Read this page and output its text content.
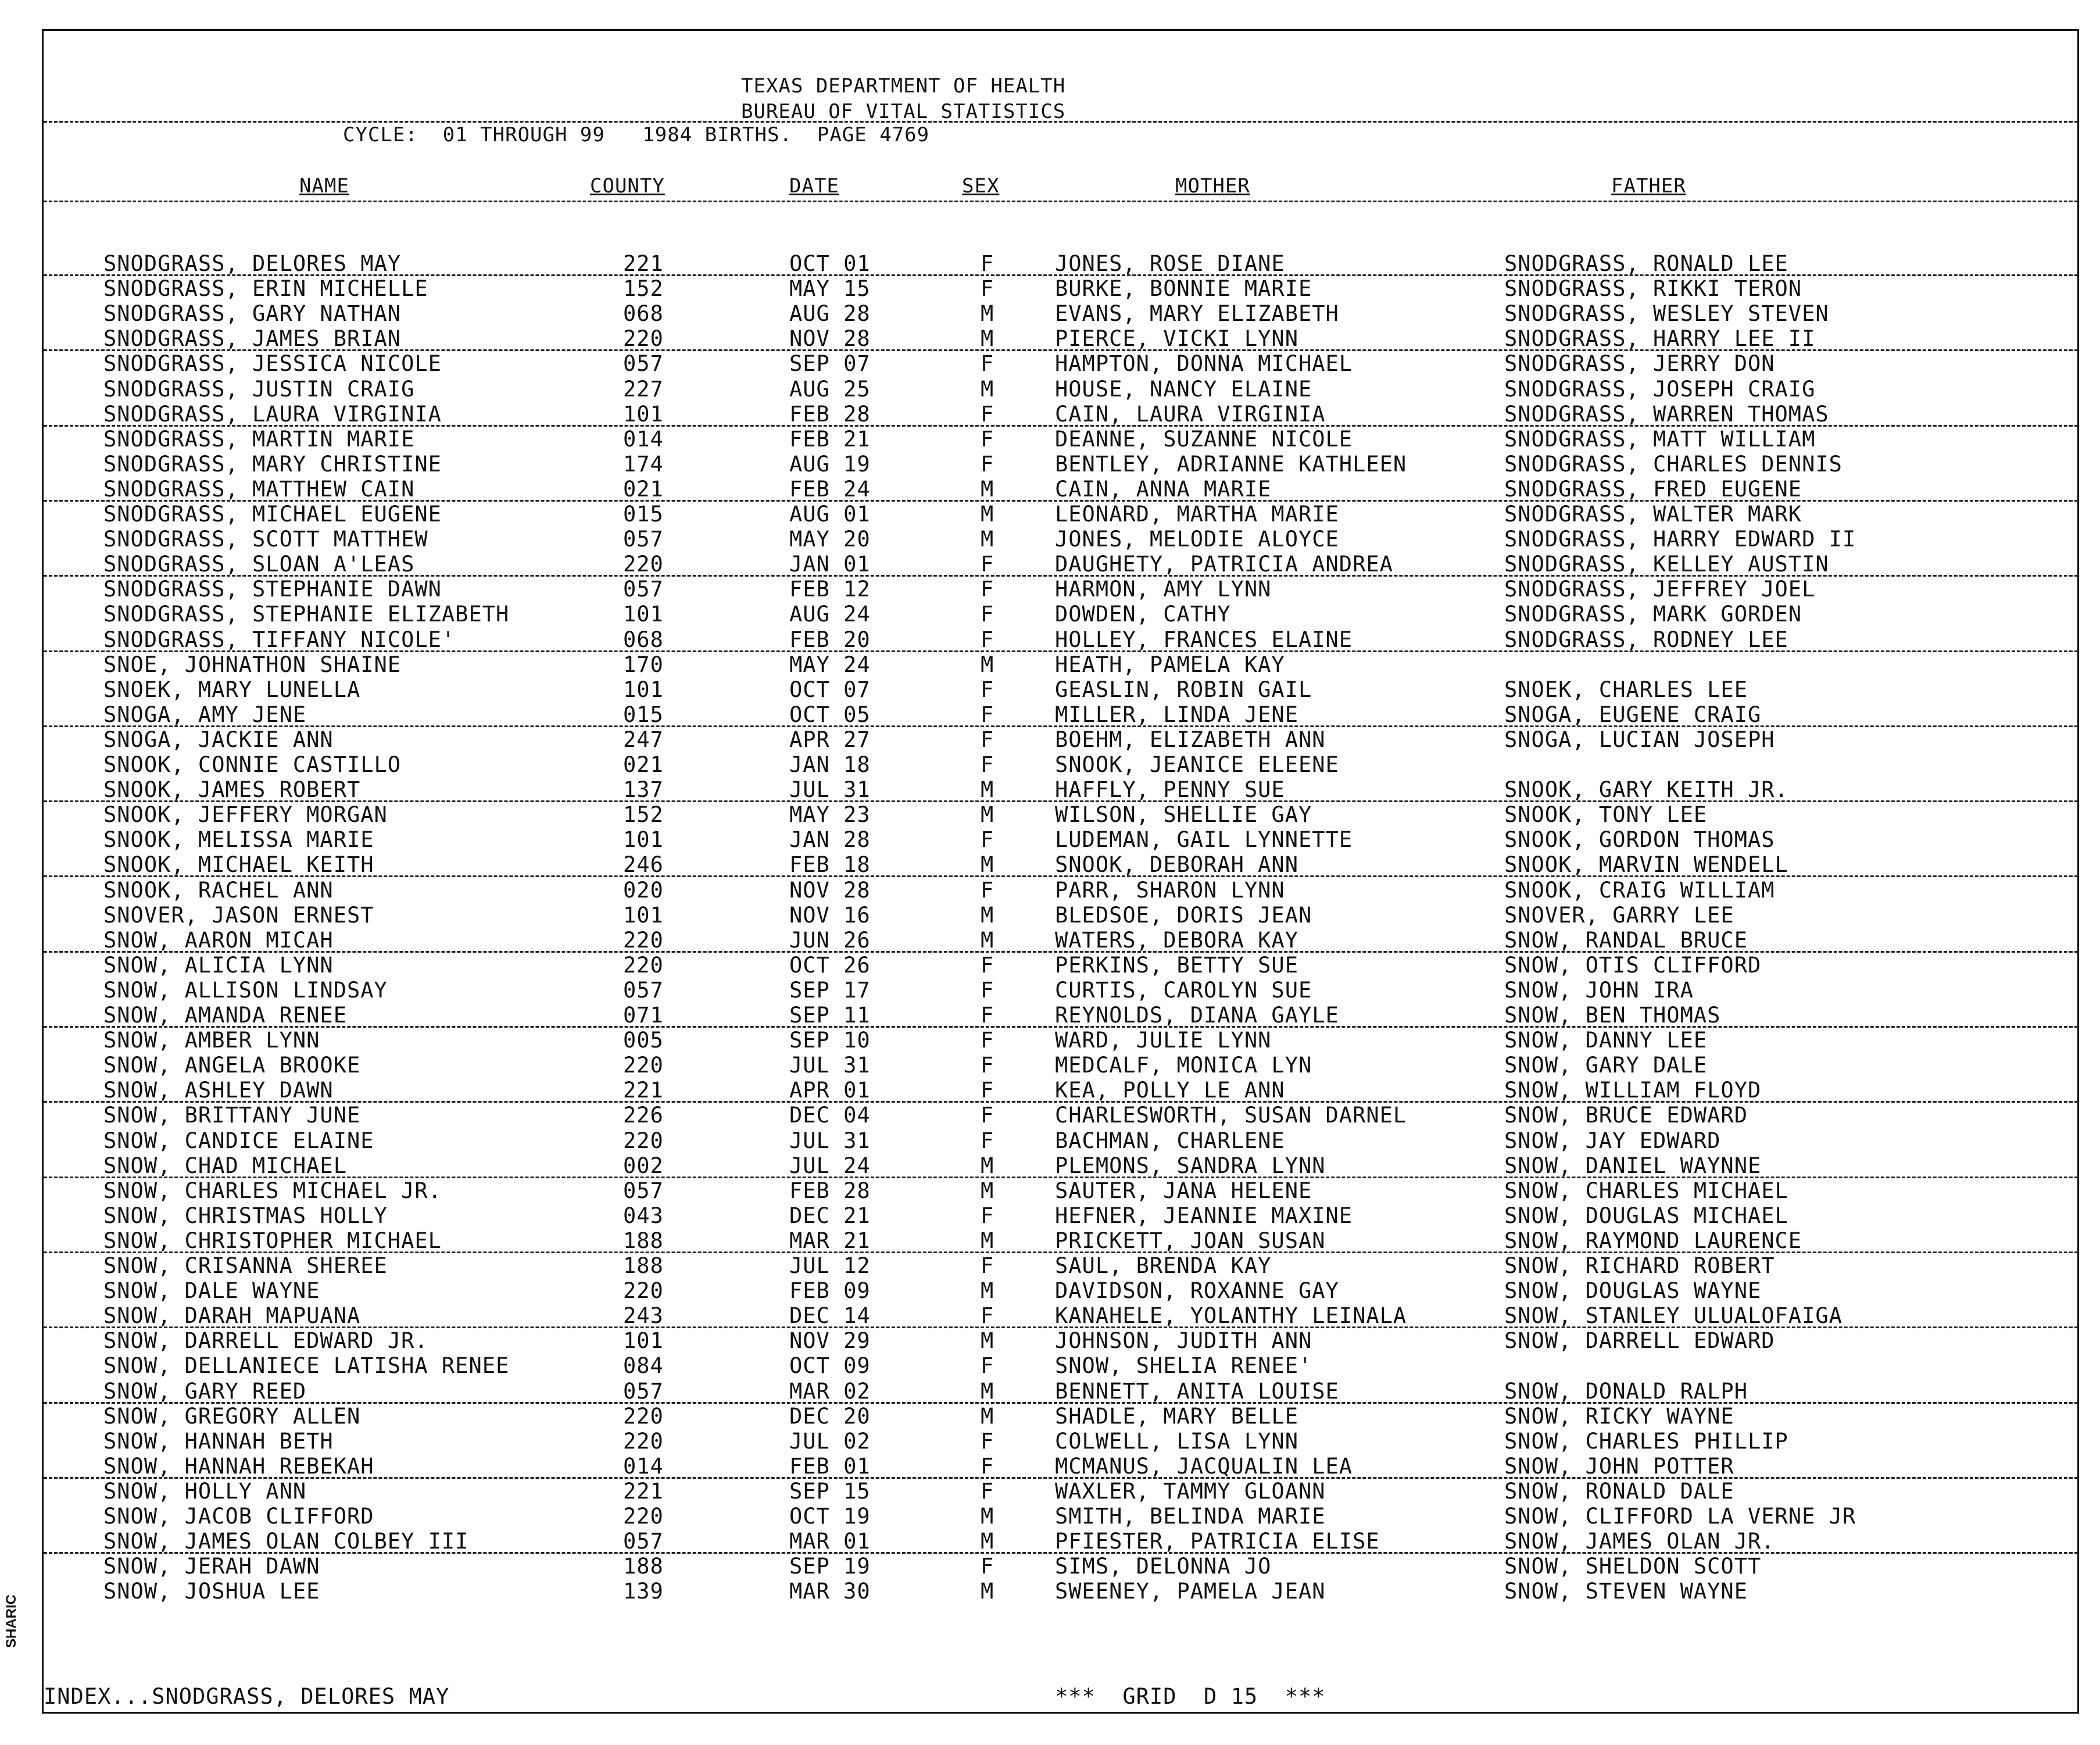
TEXAS DEPARTMENT OF HEALTH
BUREAU OF VITAL STATISTICS
CYCLE:  01 THROUGH 99   1984 BIRTHS.  PAGE 4769
NAME	COUNTY	DATE	SEX	MOTHER	FATHER
SNODGRASS, DELORES MAY	221	OCT 01	F	JONES, ROSE DIANE	SNODGRASS, RONALD LEE
SNODGRASS, ERIN MICHELLE	152	MAY 15	F	BURKE, BONNIE MARIE	SNODGRASS, RIKKI TERON
SNODGRASS, GARY NATHAN	068	AUG 28	M	EVANS, MARY ELIZABETH	SNODGRASS, WESLEY STEVEN
SNODGRASS, JAMES BRIAN	220	NOV 28	M	PIERCE, VICKI LYNN	SNODGRASS, HARRY LEE II
SNODGRASS, JESSICA NICOLE	057	SEP 07	F	HAMPTON, DONNA MICHAEL	SNODGRASS, JERRY DON
SNODGRASS, JUSTIN CRAIG	227	AUG 25	M	HOUSE, NANCY ELAINE	SNODGRASS, JOSEPH CRAIG
SNODGRASS, LAURA VIRGINIA	101	FEB 28	F	CAIN, LAURA VIRGINIA	SNODGRASS, WARREN THOMAS
SNODGRASS, MARTIN MARIE	014	FEB 21	F	DEANNE, SUZANNE NICOLE	SNODGRASS, MATT WILLIAM
SNODGRASS, MARY CHRISTINE	174	AUG 19	F	BENTLEY, ADRIANNE KATHLEEN	SNODGRASS, CHARLES DENNIS
SNODGRASS, MATTHEW CAIN	021	FEB 24	M	CAIN, ANNA MARIE	SNODGRASS, FRED EUGENE
SNODGRASS, MICHAEL EUGENE	015	AUG 01	M	LEONARD, MARTHA MARIE	SNODGRASS, WALTER MARK
SNODGRASS, SCOTT MATTHEW	057	MAY 20	M	JONES, MELODIE ALOYCE	SNODGRASS, HARRY EDWARD II
SNODGRASS, SLOAN A'LEAS	220	JAN 01	F	DAUGHETY, PATRICIA ANDREA	SNODGRASS, KELLEY AUSTIN
SNODGRASS, STEPHANIE DAWN	057	FEB 12	F	HARMON, AMY LYNN	SNODGRASS, JEFFREY JOEL
SNODGRASS, STEPHANIE ELIZABETH	101	AUG 24	F	DOWDEN, CATHY	SNODGRASS, MARK GORDEN
SNODGRASS, TIFFANY NICOLE'	068	FEB 20	F	HOLLEY, FRANCES ELAINE	SNODGRASS, RODNEY LEE
SNOE, JOHNATHON SHAINE	170	MAY 24	M	HEATH, PAMELA KAY
SNOEK, MARY LUNELLA	101	OCT 07	F	GEASLIN, ROBIN GAIL	SNOEK, CHARLES LEE
SNOGA, AMY JENE	015	OCT 05	F	MILLER, LINDA JENE	SNOGA, EUGENE CRAIG
SNOGA, JACKIE ANN	247	APR 27	F	BOEHM, ELIZABETH ANN	SNOGA, LUCIAN JOSEPH
SNOOK, CONNIE CASTILLO	021	JAN 18	F	SNOOK, JEANICE ELEENE
SNOOK, JAMES ROBERT	137	JUL 31	M	HAFFLY, PENNY SUE	SNOOK, GARY KEITH JR.
SNOOK, JEFFERY MORGAN	152	MAY 23	M	WILSON, SHELLIE GAY	SNOOK, TONY LEE
SNOOK, MELISSA MARIE	101	JAN 28	F	LUDEMAN, GAIL LYNNETTE	SNOOK, GORDON THOMAS
SNOOK, MICHAEL KEITH	246	FEB 18	M	SNOOK, DEBORAH ANN	SNOOK, MARVIN WENDELL
SNOOK, RACHEL ANN	020	NOV 28	F	PARR, SHARON LYNN	SNOOK, CRAIG WILLIAM
SNOVER, JASON ERNEST	101	NOV 16	M	BLEDSOE, DORIS JEAN	SNOVER, GARRY LEE
SNOW, AARON MICAH	220	JUN 26	M	WATERS, DEBORA KAY	SNOW, RANDAL BRUCE
SNOW, ALICIA LYNN	220	OCT 26	F	PERKINS, BETTY SUE	SNOW, OTIS CLIFFORD
SNOW, ALLISON LINDSAY	057	SEP 17	F	CURTIS, CAROLYN SUE	SNOW, JOHN IRA
SNOW, AMANDA RENEE	071	SEP 11	F	REYNOLDS, DIANA GAYLE	SNOW, BEN THOMAS
SNOW, AMBER LYNN	005	SEP 10	F	WARD, JULIE LYNN	SNOW, DANNY LEE
SNOW, ANGELA BROOKE	220	JUL 31	F	MEDCALF, MONICA LYN	SNOW, GARY DALE
SNOW, ASHLEY DAWN	221	APR 01	F	KEA, POLLY LE ANN	SNOW, WILLIAM FLOYD
SNOW, BRITTANY JUNE	226	DEC 04	F	CHARLESWORTH, SUSAN DARNEL	SNOW, BRUCE EDWARD
SNOW, CANDICE ELAINE	220	JUL 31	F	BACHMAN, CHARLENE	SNOW, JAY EDWARD
SNOW, CHAD MICHAEL	002	JUL 24	M	PLEMONS, SANDRA LYNN	SNOW, DANIEL WAYNNE
SNOW, CHARLES MICHAEL JR.	057	FEB 28	M	SAUTER, JANA HELENE	SNOW, CHARLES MICHAEL
SNOW, CHRISTMAS HOLLY	043	DEC 21	F	HEFNER, JEANNIE MAXINE	SNOW, DOUGLAS MICHAEL
SNOW, CHRISTOPHER MICHAEL	188	MAR 21	M	PRICKETT, JOAN SUSAN	SNOW, RAYMOND LAURENCE
SNOW, CRISANNA SHEREE	188	JUL 12	F	SAUL, BRENDA KAY	SNOW, RICHARD ROBERT
SNOW, DALE WAYNE	220	FEB 09	M	DAVIDSON, ROXANNE GAY	SNOW, DOUGLAS WAYNE
SNOW, DARAH MAPUANA	243	DEC 14	F	KANAHELE, YOLANTHY LEINALA	SNOW, STANLEY ULUALOFAIGA
SNOW, DARRELL EDWARD JR.	101	NOV 29	M	JOHNSON, JUDITH ANN	SNOW, DARRELL EDWARD
SNOW, DELLANIECE LATISHA RENEE	084	OCT 09	F	SNOW, SHELIA RENEE'
SNOW, GARY REED	057	MAR 02	M	BENNETT, ANITA LOUISE	SNOW, DONALD RALPH
SNOW, GREGORY ALLEN	220	DEC 20	M	SHADLE, MARY BELLE	SNOW, RICKY WAYNE
SNOW, HANNAH BETH	220	JUL 02	F	COLWELL, LISA LYNN	SNOW, CHARLES PHILLIP
SNOW, HANNAH REBEKAH	014	FEB 01	F	MCMANUS, JACQUALIN LEA	SNOW, JOHN POTTER
SNOW, HOLLY ANN	221	SEP 15	F	WAXLER, TAMMY GLOANN	SNOW, RONALD DALE
SNOW, JACOB CLIFFORD	220	OCT 19	M	SMITH, BELINDA MARIE	SNOW, CLIFFORD LA VERNE JR
SNOW, JAMES OLAN COLBEY III	057	MAR 01	M	PFIESTER, PATRICIA ELISE	SNOW, JAMES OLAN JR.
SNOW, JERAH DAWN	188	SEP 19	F	SIMS, DELONNA JO	SNOW, SHELDON SCOTT
SNOW, JOSHUA LEE	139	MAR 30	M	SWEENEY, PAMELA JEAN	SNOW, STEVEN WAYNE
INDEX...SNODGRASS, DELORES MAY	***  GRID  D 15  ***
SHARIC
